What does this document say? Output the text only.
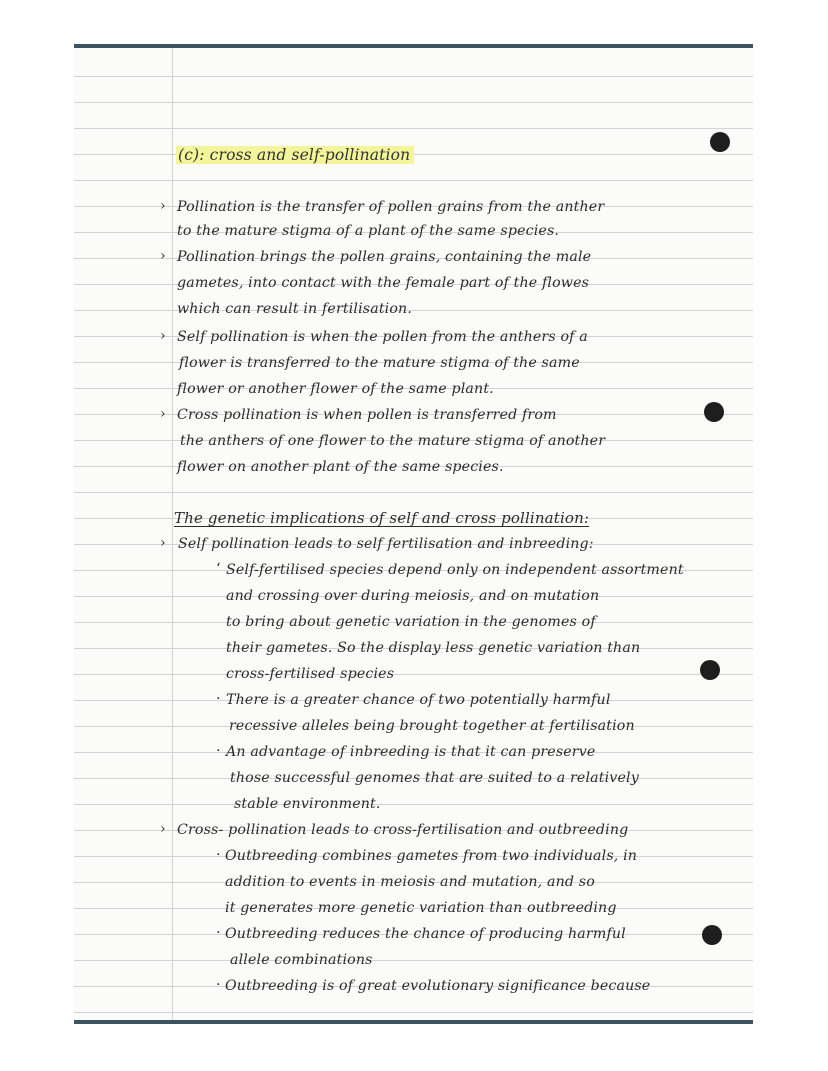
(c): cross and self-pollination
› Pollination is the transfer of pollen grains from the anther
to the mature stigma of a plant of the same species.
› Pollination brings the pollen grains, containing the male
gametes, into contact with the female part of the flowes
which can result in fertilisation.
› Self pollination is when the pollen from the anthers of a
flower is transferred to the mature stigma of the same
flower or another flower of the same plant.
› Cross pollination is when pollen is transferred from
the anthers of one flower to the mature stigma of another
flower on another plant of the same species.
The genetic implications of self and cross pollination:
› Self pollination leads to self fertilisation and inbreeding:
ʻ Self-fertilised species depend only on independent assortment
and crossing over during meiosis, and on mutation
to bring about genetic variation in the genomes of
their gametes. So the display less genetic variation than
cross-fertilised species
· There is a greater chance of two potentially harmful
recessive alleles being brought together at fertilisation
· An advantage of inbreeding is that it can preserve
those successful genomes that are suited to a relatively
stable environment.
› Cross- pollination leads to cross-fertilisation and outbreeding
· Outbreeding combines gametes from two individuals, in
addition to events in meiosis and mutation, and so
it generates more genetic variation than outbreeding
· Outbreeding reduces the chance of producing harmful
allele combinations
· Outbreeding is of great evolutionary significance because
